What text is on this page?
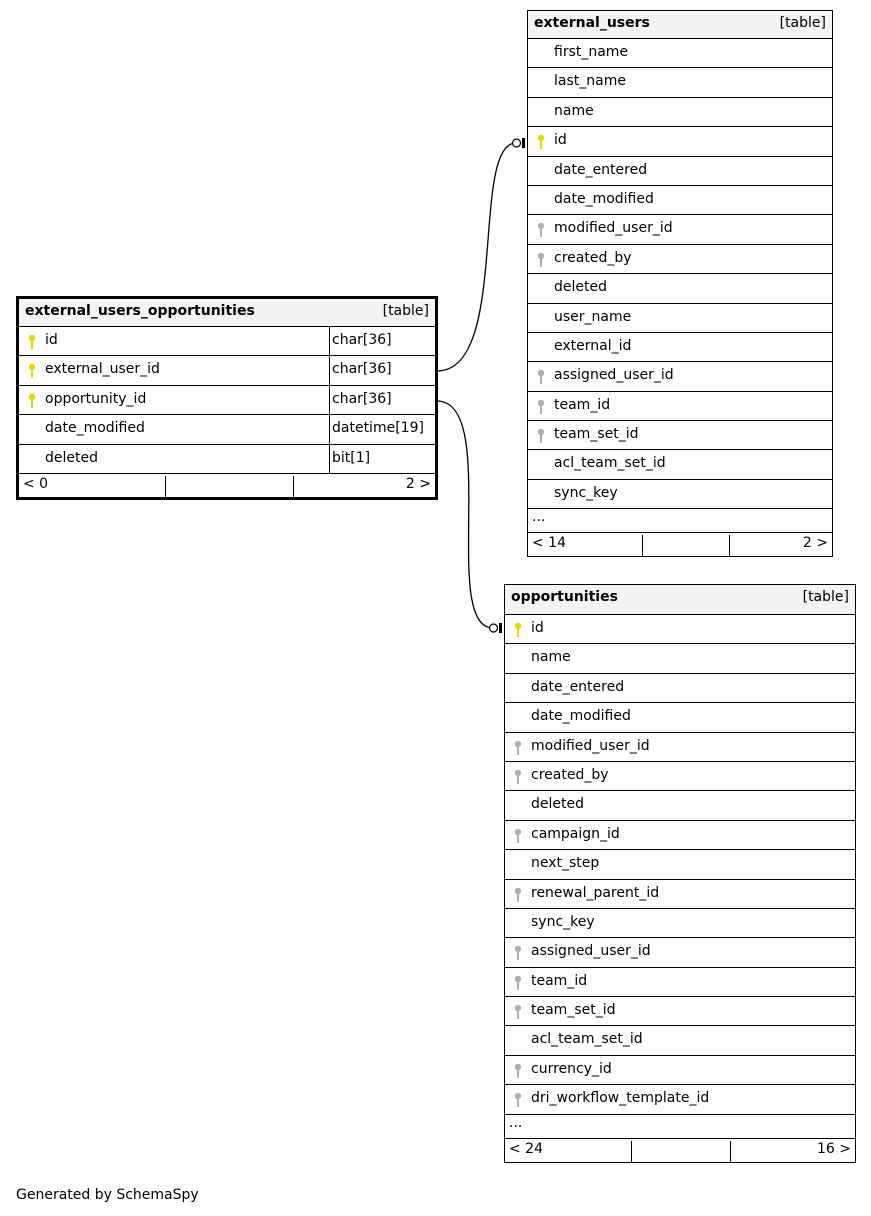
external_users_opportunities	[table]
id	char[36]
external_user_id	char[36]
opportunity_id	char[36]
date_modified	datetime[19]
deleted	bit[1]
< 0	2 >
external_users	[table]
first_name
last_name
name
id
date_entered
date_modified
modified_user_id
created_by
deleted
user_name
external_id
assigned_user_id
team_id
team_set_id
acl_team_set_id
sync_key
...
< 14	2 >
opportunities	[table]
id
name
date_entered
date_modified
modified_user_id
created_by
deleted
campaign_id
next_step
renewal_parent_id
sync_key
assigned_user_id
team_id
team_set_id
acl_team_set_id
currency_id
dri_workflow_template_id
...
< 24	16 >
Generated by SchemaSpy
